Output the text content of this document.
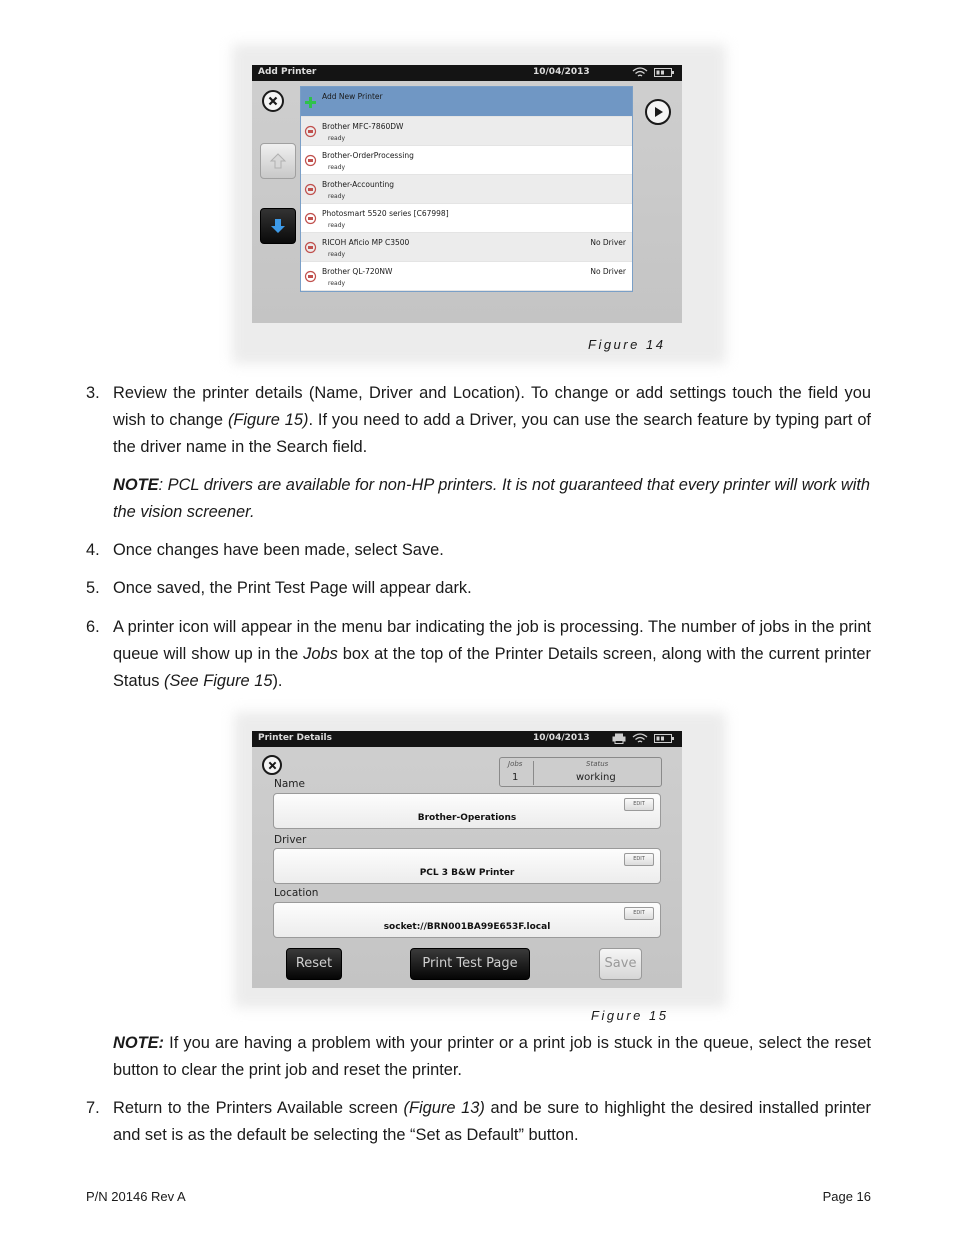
Add Printer	10/04/2013
Add New Printer
Brother MFC-7860DW
ready
Brother-OrderProcessing
ready
Brother-Accounting
ready
Photosmart 5520 series [C67998]
ready
RICOH Aficio MP C3500
ready
No Driver
Brother QL-720NW
ready
No Driver
Figure 14
3. Review the printer details (Name, Driver and Location). To change or add settings touch the field you wish to change (Figure 15). If you need to add a Driver, you can use the search feature by typing part of the driver name in the Search field.
NOTE: PCL drivers are available for non-HP printers. It is not guaranteed that every printer will work with the vision screener.
4. Once changes have been made, select Save.
5. Once saved, the Print Test Page will appear dark.
6. A printer icon will appear in the menu bar indicating the job is processing. The number of jobs in the print queue will show up in the Jobs box at the top of the Printer Details screen, along with the current printer Status (See Figure 15).
Printer Details	10/04/2013
Jobs
1
Status
working
Name
EDIT
Brother-Operations
Driver
EDIT
PCL 3 B&W Printer
Location
EDIT
socket://BRN001BA99E653F.local
Reset	Print Test Page	Save
Figure 15
NOTE: If you are having a problem with your printer or a print job is stuck in the queue, select the reset button to clear the print job and reset the printer.
7. Return to the Printers Available screen (Figure 13) and be sure to highlight the desired installed printer and set is as the default be selecting the “Set as Default” button.
P/N 20146 Rev A	Page 16
